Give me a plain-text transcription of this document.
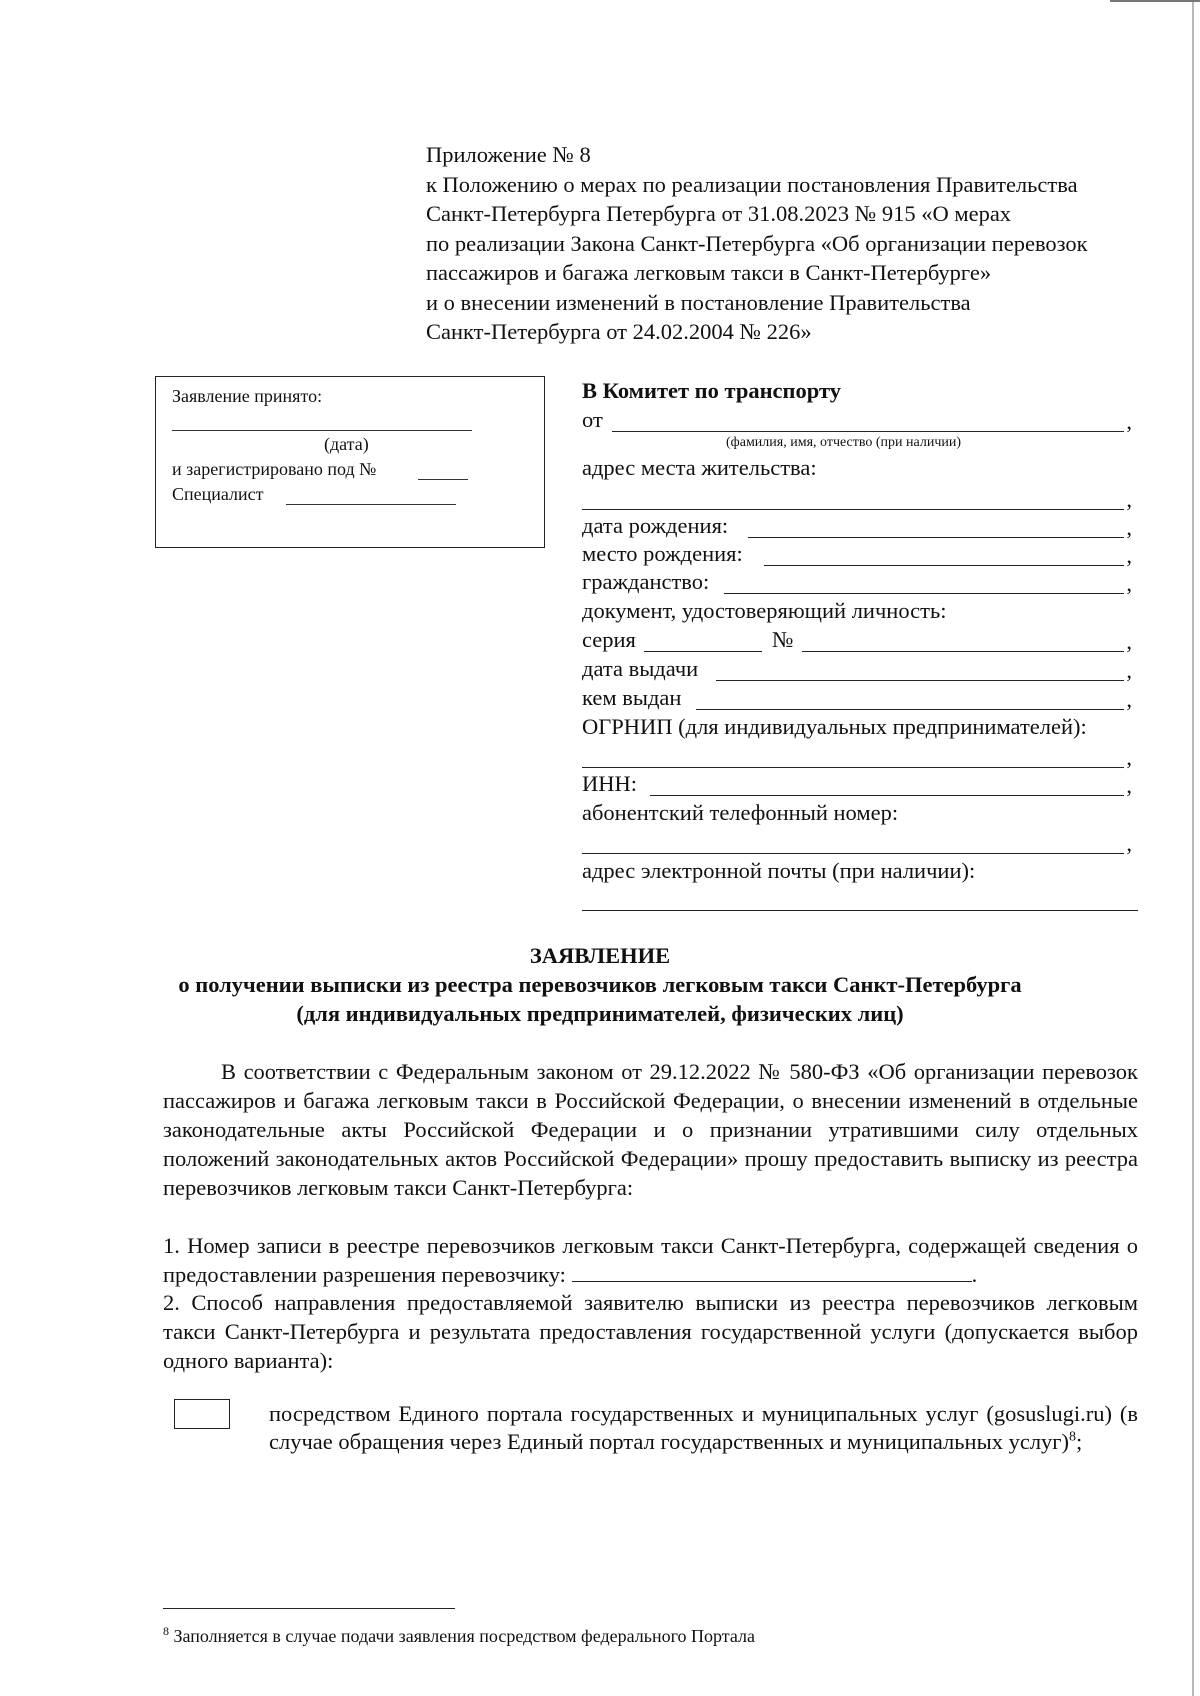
Приложение № 8
к Положению о мерах по реализации постановления Правительства
Санкт-Петербурга Петербурга от 31.08.2023 № 915 «О мерах
по реализации Закона Санкт-Петербурга «Об организации перевозок
пассажиров и багажа легковым такси в Санкт-Петербурге»
и о внесении изменений в постановление Правительства
Санкт-Петербурга от 24.02.2004 № 226»
Заявление принято:
(дата)
и зарегистрировано под №
Специалист
В Комитет по транспорту
от	,
(фамилия, имя, отчество (при наличии)
адрес места жительства:
,
дата рождения:	,
место рождения:	,
гражданство:	,
документ, удостоверяющий личность:
серия	№	,
дата выдачи	,
кем выдан	,
ОГРНИП (для индивидуальных предпринимателей):
,
ИНН:	,
абонентский телефонный номер:
,
адрес электронной почты (при наличии):
ЗАЯВЛЕНИЕ
о получении выписки из реестра перевозчиков легковым такси Санкт-Петербурга
(для индивидуальных предпринимателей, физических лиц)
В соответствии с Федеральным законом от 29.12.2022 № 580-ФЗ «Об организации перевозок пассажиров и багажа легковым такси в Российской Федерации, о внесении изменений в отдельные законодательные акты Российской Федерации и о признании утратившими силу отдельных положений законодательных актов Российской Федерации» прошу предоставить выписку из реестра перевозчиков легковым такси Санкт-Петербурга:
1. Номер записи в реестре перевозчиков легковым такси Санкт-Петербурга, содержащей сведения о предоставлении разрешения перевозчику:	.
2. Способ направления предоставляемой заявителю выписки из реестра перевозчиков легковым такси Санкт-Петербурга и результата предоставления государственной услуги (допускается выбор одного варианта):
посредством Единого портала государственных и муниципальных услуг (gosuslugi.ru) (в случае обращения через Единый портал государственных и муниципальных услуг)$^8$;
$^8$ Заполняется в случае подачи заявления посредством федерального Портала
